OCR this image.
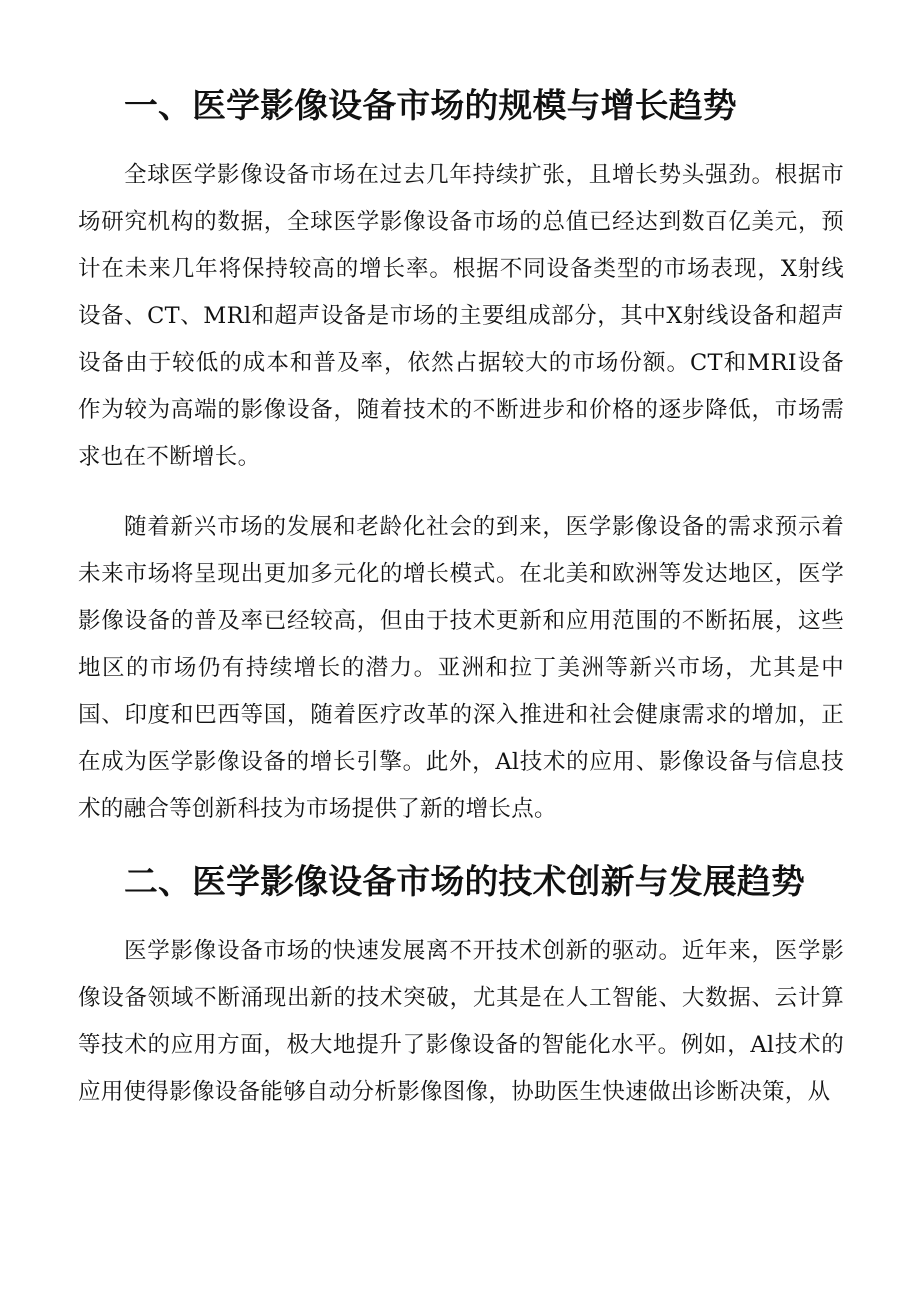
一、医学影像设备市场的规模与增长趋势

全球医学影像设备市场在过去几年持续扩张，且增长势头强劲。根据市场研究机构的数据，全球医学影像设备市场的总值已经达到数百亿美元，预计在未来几年将保持较高的增长率。根据不同设备类型的市场表现，X射线设备、CT、MRl和超声设备是市场的主要组成部分，其中X射线设备和超声设备由于较低的成本和普及率，依然占据较大的市场份额。CT和MRI设备作为较为高端的影像设备，随着技术的不断进步和价格的逐步降低，市场需求也在不断增长。

随着新兴市场的发展和老龄化社会的到来，医学影像设备的需求预示着未来市场将呈现出更加多元化的增长模式。在北美和欧洲等发达地区，医学影像设备的普及率已经较高，但由于技术更新和应用范围的不断拓展，这些地区的市场仍有持续增长的潜力。亚洲和拉丁美洲等新兴市场，尤其是中国、印度和巴西等国，随着医疗改革的深入推进和社会健康需求的增加，正在成为医学影像设备的增长引擎。此外，Al技术的应用、影像设备与信息技术的融合等创新科技为市场提供了新的增长点。

二、医学影像设备市场的技术创新与发展趋势

医学影像设备市场的快速发展离不开技术创新的驱动。近年来，医学影像设备领域不断涌现出新的技术突破，尤其是在人工智能、大数据、云计算等技术的应用方面，极大地提升了影像设备的智能化水平。例如，Al技术的应用使得影像设备能够自动分析影像图像，协助医生快速做出诊断决策，从
